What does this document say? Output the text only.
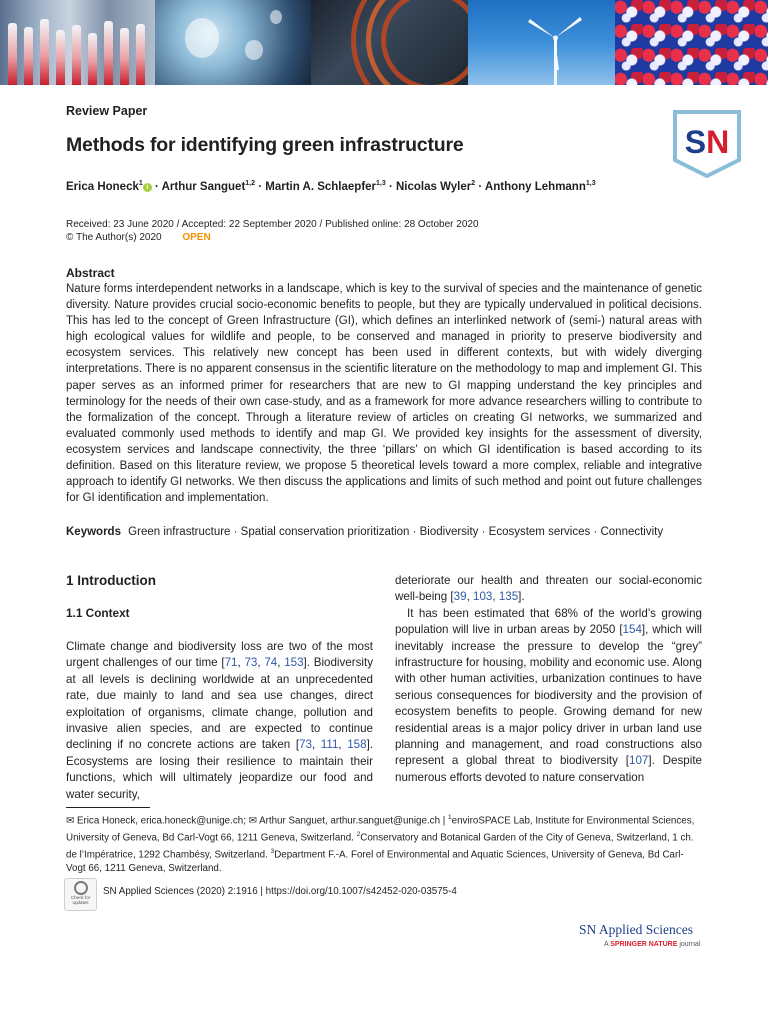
Review Paper
Methods for identifying green infrastructure	SN
Erica Honeck$^1$i · Arthur Sanguet$^{1,2}$ · Martin A. Schlaepfer$^{1,3}$ · Nicolas Wyler$^2$ · Anthony Lehmann$^{1,3}$
Received: 23 June 2020 / Accepted: 22 September 2020 / Published online: 28 October 2020
© The Author(s) 2020 OPEN
Abstract
Nature forms interdependent networks in a landscape, which is key to the survival of species and the maintenance of genetic diversity. Nature provides crucial socio-economic benefits to people, but they are typically undervalued in political decisions. This has led to the concept of Green Infrastructure (GI), which defines an interlinked network of (semi-) natural areas with high ecological values for wildlife and people, to be conserved and managed in priority to preserve biodiversity and ecosystem services. This relatively new concept has been used in different contexts, but with widely diverging interpretations. There is no apparent consensus in the scientific literature on the methodology to map and implement GI. This paper serves as an informed primer for researchers that are new to GI mapping understand the key principles and terminology for the needs of their own case-study, and as a framework for more advance researchers willing to contribute to the formalization of the concept. Through a literature review of articles on creating GI networks, we summarized and evaluated commonly used methods to identify and map GI. We provided key insights for the assessment of diversity, ecosystem services and landscape connectivity, the three ‘pillars’ on which GI identification is based according to its definition. Based on this literature review, we propose 5 theoretical levels toward a more complex, reliable and integrative approach to identify GI networks. We then discuss the applications and limits of such method and point out future challenges for GI identification and implementation.
Keywords Green infrastructure · Spatial conservation prioritization · Biodiversity · Ecosystem services · Connectivity
1 Introduction
1.1 Context
Climate change and biodiversity loss are two of the most urgent challenges of our time [71, 73, 74, 153]. Biodiversity at all levels is declining worldwide at an unprecedented rate, due mainly to land and sea use changes, direct exploitation of organisms, climate change, pollution and invasive alien species, and are expected to continue declining if no concrete actions are taken [73, 111, 158]. Ecosystems are losing their resilience to maintain their functions, which will ultimately jeopardize our food and water security,
deteriorate our health and threaten our social-economic well-being [39, 103, 135].
It has been estimated that 68% of the world’s growing population will live in urban areas by 2050 [154], which will inevitably increase the pressure to develop the “grey” infrastructure for housing, mobility and economic use. Along with other human activities, urbanization continues to have serious consequences for biodiversity and the provision of ecosystem benefits to people. Growing demand for new residential areas is a major policy driver in urban land use planning and management, and road constructions also represent a global threat to biodiversity [107]. Despite numerous efforts devoted to nature conservation
✉ Erica Honeck, erica.honeck@unige.ch; ✉ Arthur Sanguet, arthur.sanguet@unige.ch | $^1$enviroSPACE Lab, Institute for Environmental Sciences, University of Geneva, Bd Carl-Vogt 66, 1211 Geneva, Switzerland. $^2$Conservatory and Botanical Garden of the City of Geneva, Switzerland, 1 ch. de l’Impératrice, 1292 Chambésy, Switzerland. $^3$Department F.-A. Forel of Environmental and Aquatic Sciences, University of Geneva, Bd Carl-Vogt 66, 1211 Geneva, Switzerland.
Check for updates
SN Applied Sciences (2020) 2:1916 | https://doi.org/10.1007/s42452-020-03575-4
SN Applied Sciences
A SPRINGER NATURE journal
